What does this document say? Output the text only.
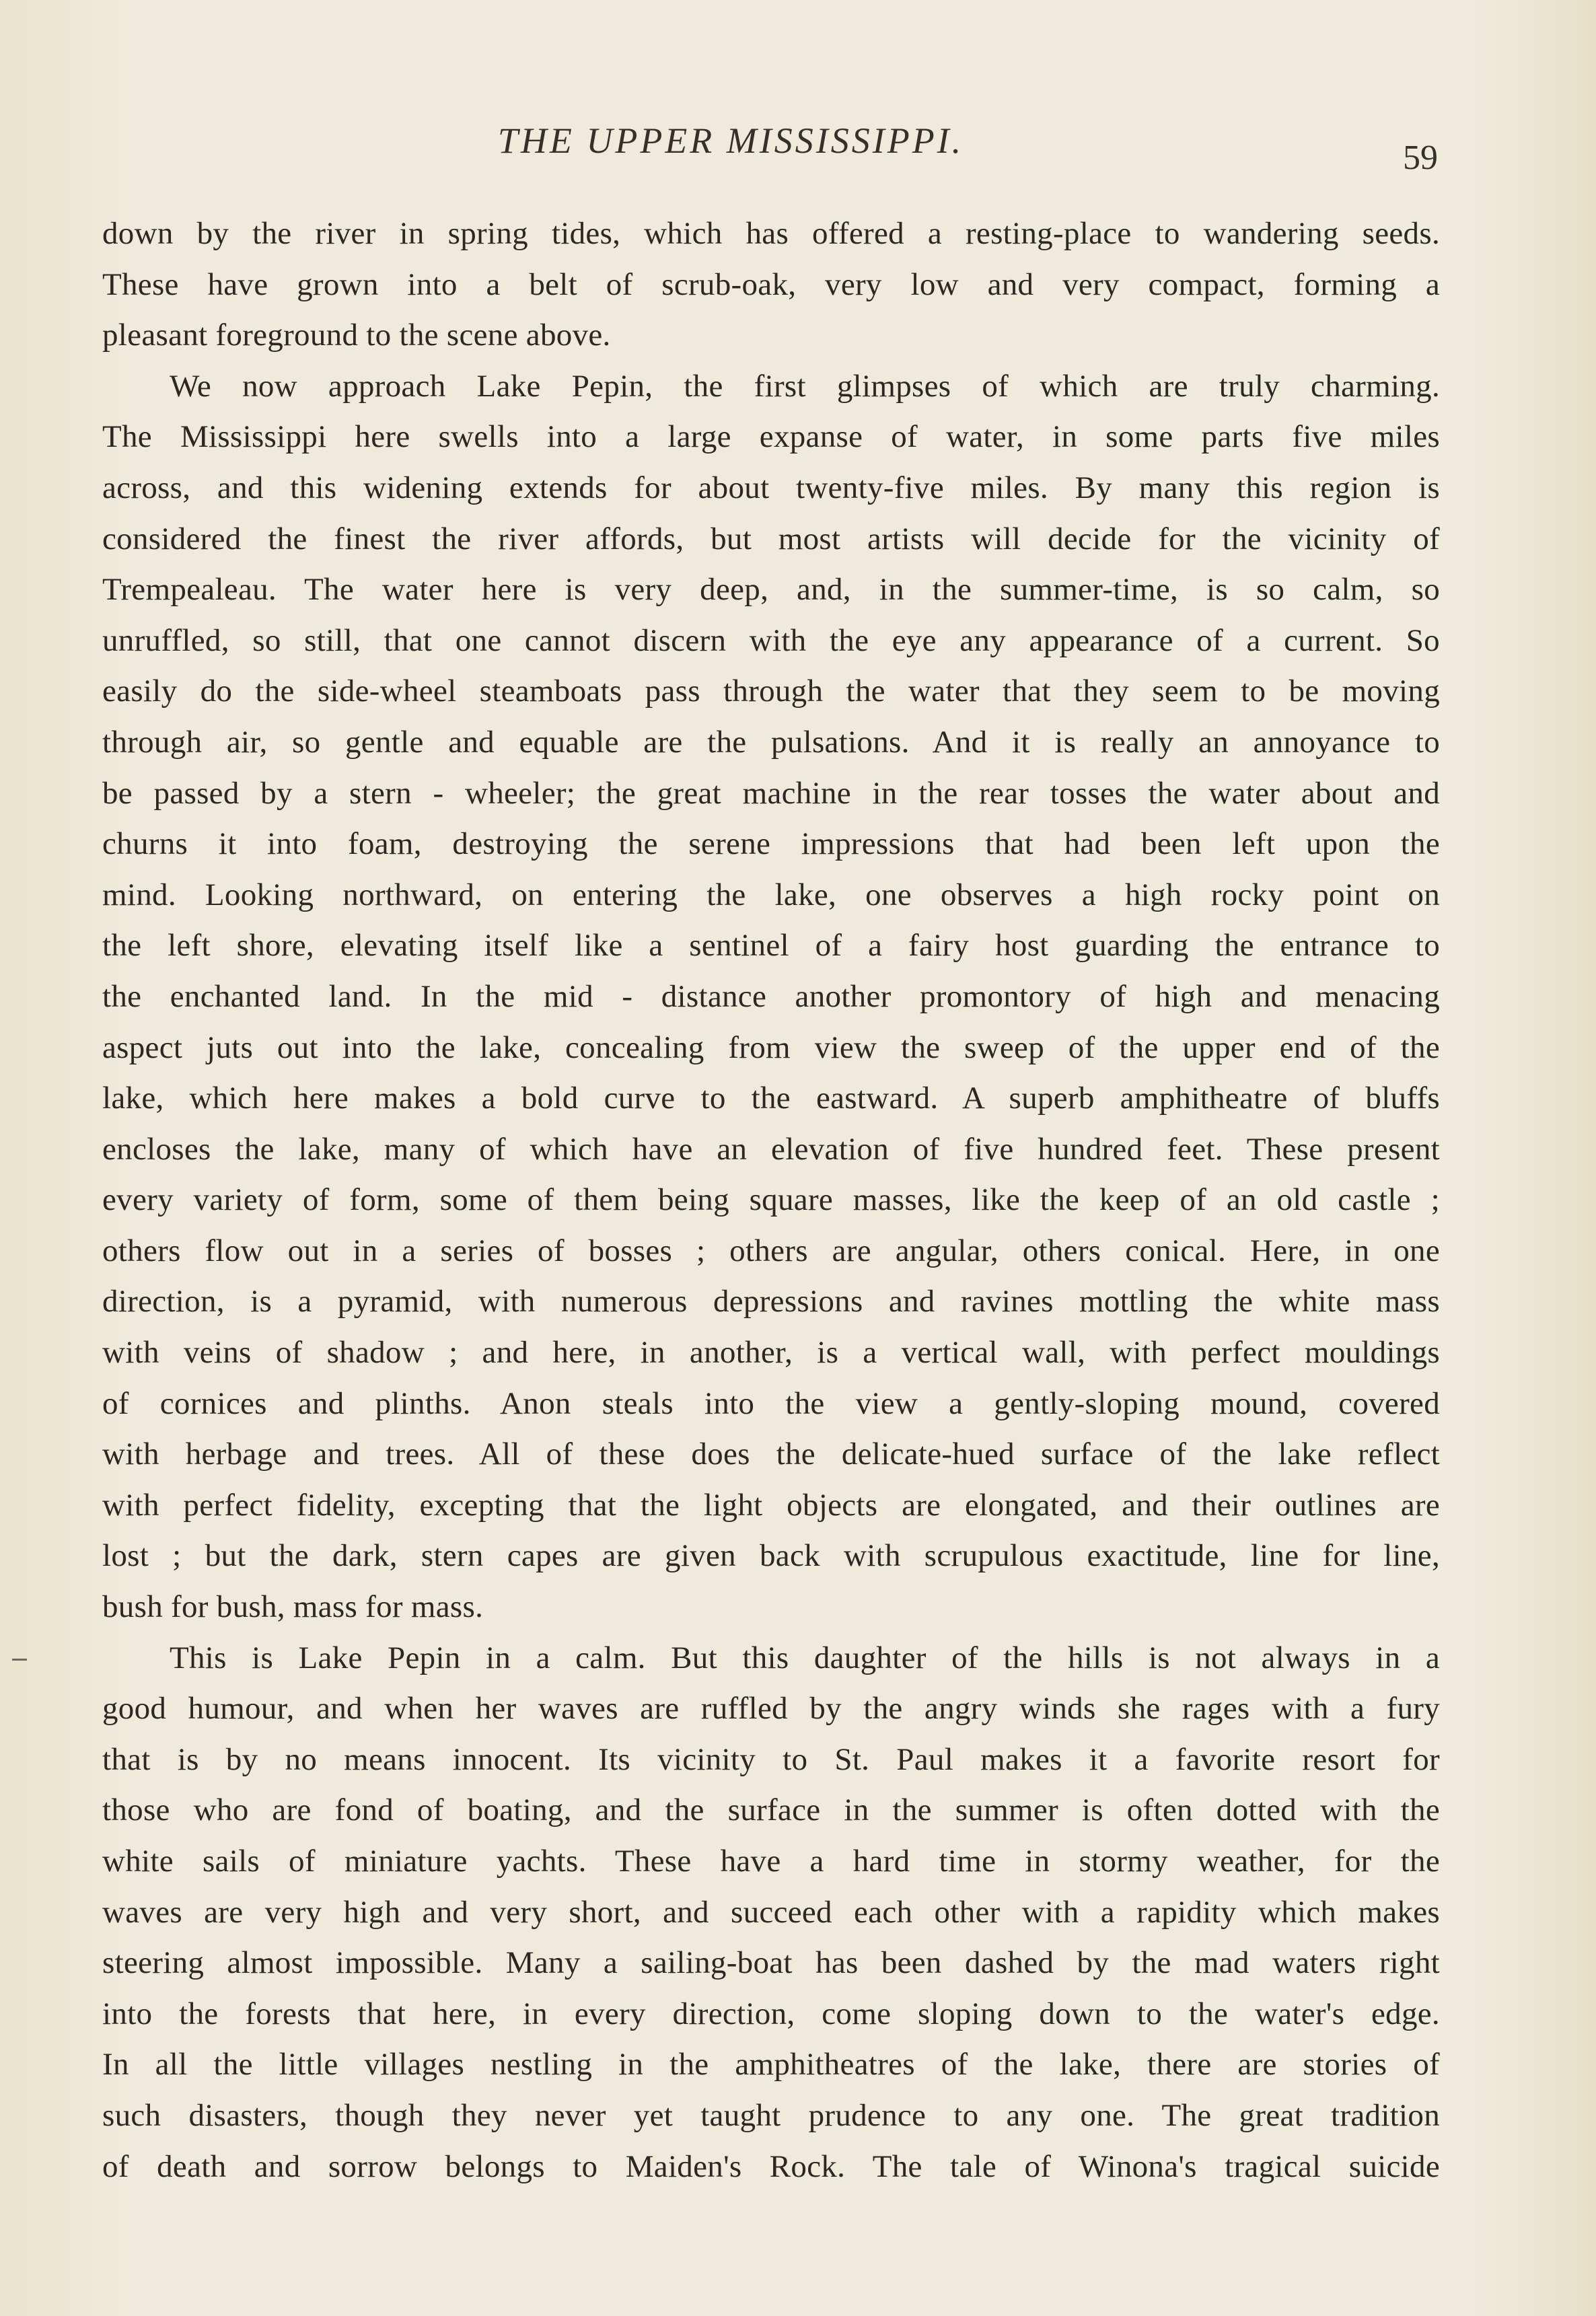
THE UPPER MISSISSIPPI.	59
down by the river in spring tides, which has offered a resting-place to wandering seeds.
These have grown into a belt of scrub-oak, very low and very compact, forming a
pleasant foreground to the scene above.
We now approach Lake Pepin, the first glimpses of which are truly charming.
The Mississippi here swells into a large expanse of water, in some parts five miles
across, and this widening extends for about twenty-five miles. By many this region is
considered the finest the river affords, but most artists will decide for the vicinity of
Trempealeau. The water here is very deep, and, in the summer-time, is so calm, so
unruffled, so still, that one cannot discern with the eye any appearance of a current. So
easily do the side-wheel steamboats pass through the water that they seem to be moving
through air, so gentle and equable are the pulsations. And it is really an annoyance to
be passed by a stern - wheeler; the great machine in the rear tosses the water about and
churns it into foam, destroying the serene impressions that had been left upon the
mind. Looking northward, on entering the lake, one observes a high rocky point on
the left shore, elevating itself like a sentinel of a fairy host guarding the entrance to
the enchanted land. In the mid - distance another promontory of high and menacing
aspect juts out into the lake, concealing from view the sweep of the upper end of the
lake, which here makes a bold curve to the eastward. A superb amphitheatre of bluffs
encloses the lake, many of which have an elevation of five hundred feet. These present
every variety of form, some of them being square masses, like the keep of an old castle ;
others flow out in a series of bosses ; others are angular, others conical. Here, in one
direction, is a pyramid, with numerous depressions and ravines mottling the white mass
with veins of shadow ; and here, in another, is a vertical wall, with perfect mouldings
of cornices and plinths. Anon steals into the view a gently-sloping mound, covered
with herbage and trees. All of these does the delicate-hued surface of the lake reflect
with perfect fidelity, excepting that the light objects are elongated, and their outlines are
lost ; but the dark, stern capes are given back with scrupulous exactitude, line for line,
bush for bush, mass for mass.
This is Lake Pepin in a calm. But this daughter of the hills is not always in a
good humour, and when her waves are ruffled by the angry winds she rages with a fury
that is by no means innocent. Its vicinity to St. Paul makes it a favorite resort for
those who are fond of boating, and the surface in the summer is often dotted with the
white sails of miniature yachts. These have a hard time in stormy weather, for the
waves are very high and very short, and succeed each other with a rapidity which makes
steering almost impossible. Many a sailing-boat has been dashed by the mad waters right
into the forests that here, in every direction, come sloping down to the water's edge.
In all the little villages nestling in the amphitheatres of the lake, there are stories of
such disasters, though they never yet taught prudence to any one. The great tradition
of death and sorrow belongs to Maiden's Rock. The tale of Winona's tragical suicide
